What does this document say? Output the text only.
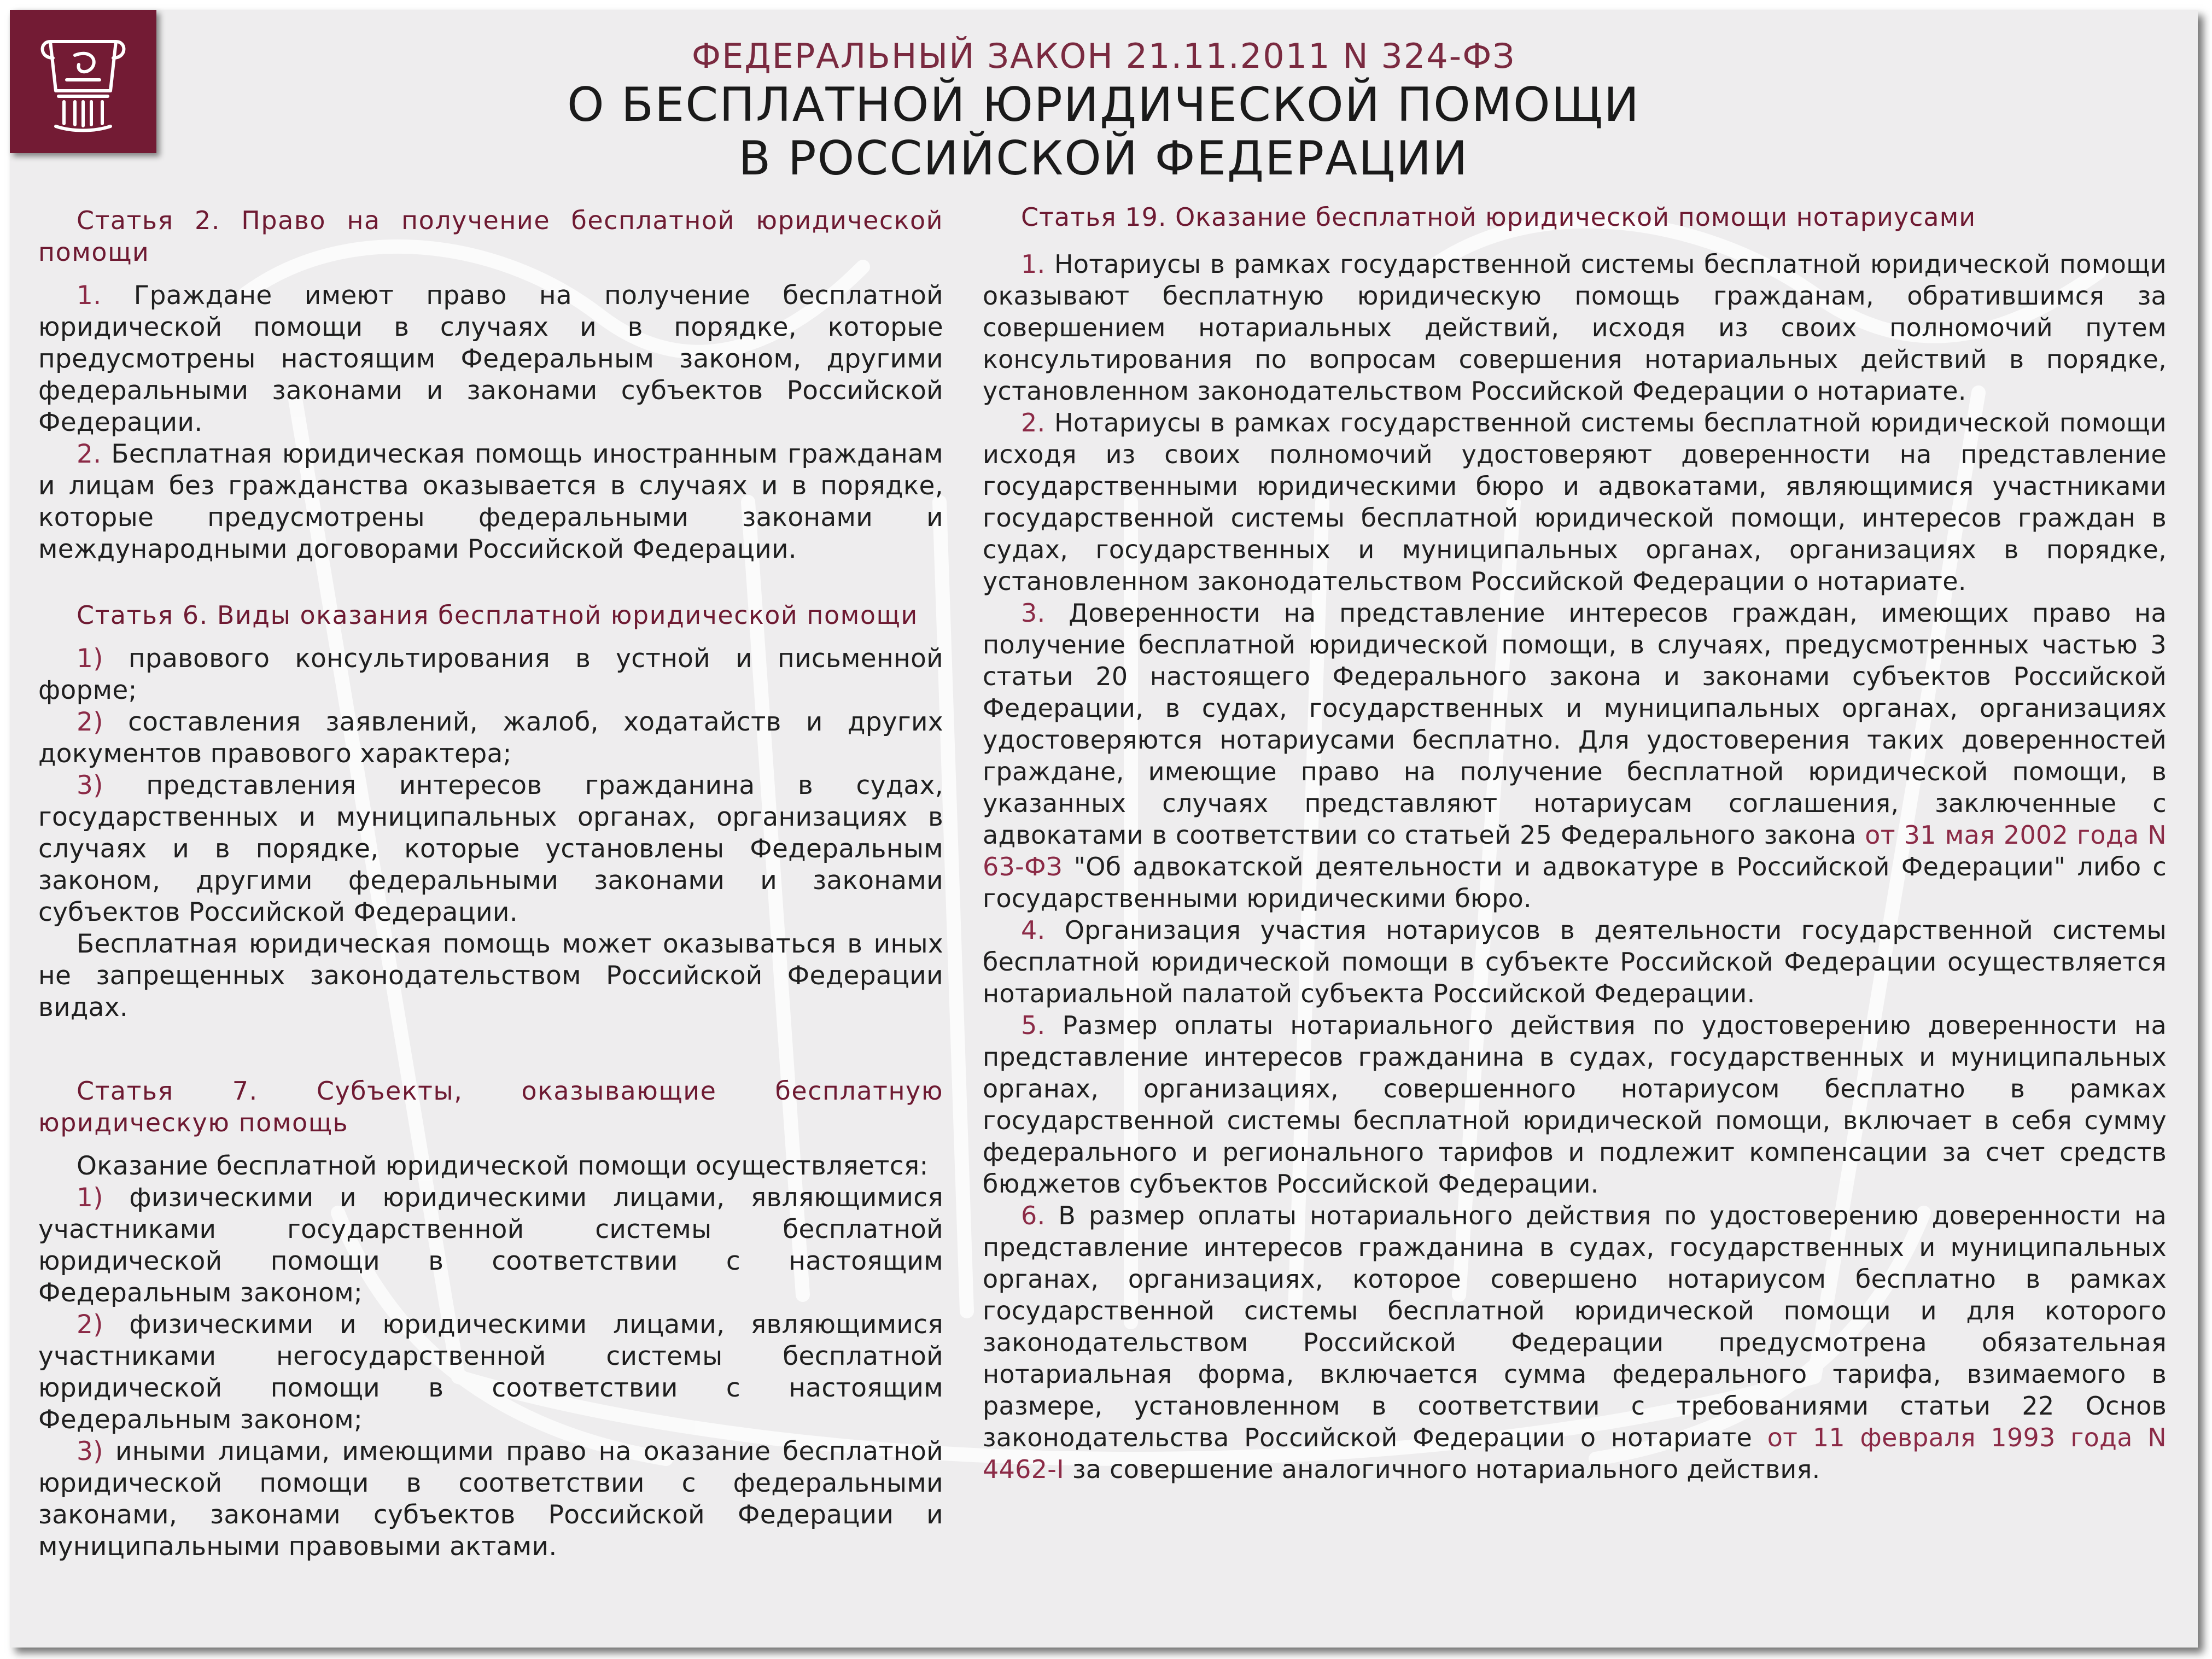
ФЕДЕРАЛЬНЫЙ ЗАКОН 21.11.2011 N 324-ФЗ
О БЕСПЛАТНОЙ ЮРИДИЧЕСКОЙ ПОМОЩИ
В РОССИЙСКОЙ ФЕДЕРАЦИИ

Статья 2. Право на получение бесплатной юридической помощи

1. Граждане имеют право на получение бесплатной юридической помощи в случаях и в порядке, которые предусмотрены настоящим Федеральным законом, другими федеральными законами и законами субъектов Российской Федерации.

2. Бесплатная юридическая помощь иностранным гражданам и лицам без гражданства оказывается в случаях и в порядке, которые предусмотрены федеральными законами и международными договорами Российской Федерации.

Статья 6. Виды оказания бесплатной юридической помощи

1) правового консультирования в устной и письменной форме;

2) составления заявлений, жалоб, ходатайств и других документов правового характера;

3) представления интересов гражданина в судах, государственных и муниципальных органах, организациях в случаях и в порядке, которые установлены Федеральным законом, другими федеральными законами и законами субъектов Российской Федерации.

Бесплатная юридическая помощь может оказываться в иных не запрещенных законодательством Российской Федерации видах.

Статья 7. Субъекты, оказывающие бесплатную юридическую помощь

Оказание бесплатной юридической помощи осуществляется:

1) физическими и юридическими лицами, являющимися участниками государственной системы бесплатной юридической помощи в соответствии с настоящим Федеральным законом;

2) физическими и юридическими лицами, являющимися участниками негосударственной системы бесплатной юридической помощи в соответствии с настоящим Федеральным законом;

3) иными лицами, имеющими право на оказание бесплатной юридической помощи в соответствии с федеральными законами, законами субъектов Российской Федерации и муниципальными правовыми актами.

Статья 19. Оказание бесплатной юридической помощи нотариусами

1. Нотариусы в рамках государственной системы бесплатной юридической помощи оказывают бесплатную юридическую помощь гражданам, обратившимся за совершением нотариальных действий, исходя из своих полномочий путем консультирования по вопросам совершения нотариальных действий в порядке, установленном законодательством Российской Федерации о нотариате.

2. Нотариусы в рамках государственной системы бесплатной юридической помощи исходя из своих полномочий удостоверяют доверенности на представление государственными юридическими бюро и адвокатами, являющимися участниками государственной системы бесплатной юридической помощи, интересов граждан в судах, государственных и муниципальных органах, организациях в порядке, установленном законодательством Российской Федерации о нотариате.

3. Доверенности на представление интересов граждан, имеющих право на получение бесплатной юридической помощи, в случаях, предусмотренных частью 3 статьи 20 настоящего Федерального закона и законами субъектов Российской Федерации, в судах, государственных и муниципальных органах, организациях удостоверяются нотариусами бесплатно. Для удостоверения таких доверенностей граждане, имеющие право на получение бесплатной юридической помощи, в указанных случаях представляют нотариусам соглашения, заключенные с адвокатами в соответствии со статьей 25 Федерального закона от 31 мая 2002 года N 63-ФЗ "Об адвокатской деятельности и адвокатуре в Российской Федерации" либо с государственными юридическими бюро.

4. Организация участия нотариусов в деятельности государственной системы бесплатной юридической помощи в субъекте Российской Федерации осуществляется нотариальной палатой субъекта Российской Федерации.

5. Размер оплаты нотариального действия по удостоверению доверенности на представление интересов гражданина в судах, государственных и муниципальных органах, организациях, совершенного нотариусом бесплатно в рамках государственной системы бесплатной юридической помощи, включает в себя сумму федерального и регионального тарифов и подлежит компенсации за счет средств бюджетов субъектов Российской Федерации.

6. В размер оплаты нотариального действия по удостоверению доверенности на представление интересов гражданина в судах, государственных и муниципальных органах, организациях, которое совершено нотариусом бесплатно в рамках государственной системы бесплатной юридической помощи и для которого законодательством Российской Федерации предусмотрена обязательная нотариальная форма, включается сумма федерального тарифа, взимаемого в размере, установленном в соответствии с требованиями статьи 22 Основ законодательства Российской Федерации о нотариате от 11 февраля 1993 года N 4462-I за совершение аналогичного нотариального действия.
